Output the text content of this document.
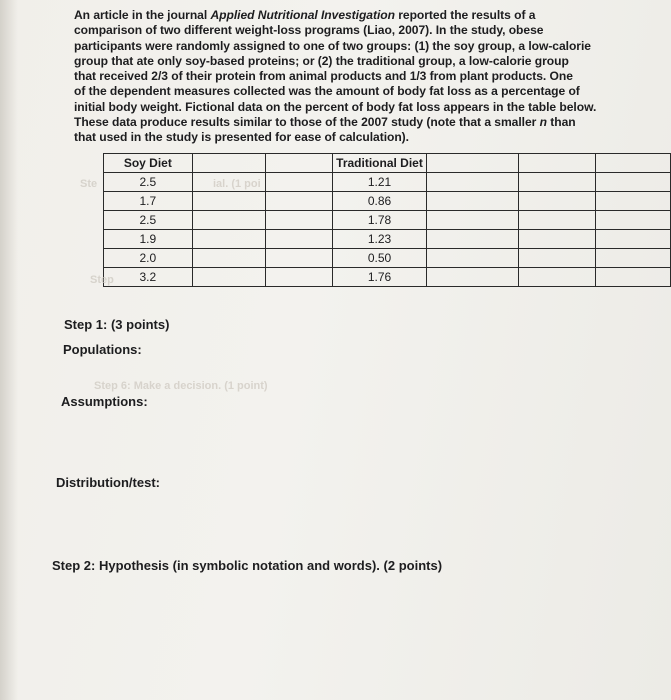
An article in the journal Applied Nutritional Investigation reported the results of a
comparison of two different weight-loss programs (Liao, 2007). In the study, obese
participants were randomly assigned to one of two groups: (1) the soy group, a low-calorie
group that ate only soy-based proteins; or (2) the traditional group, a low-calorie group
that received 2/3 of their protein from animal products and 1/3 from plant products. One
of the dependent measures collected was the amount of body fat loss as a percentage of
initial body weight. Fictional data on the percent of body fat loss appears in the table below.
These data produce results similar to those of the 2007 study (note that a smaller n than
that used in the study is presented for ease of calculation).
Soy Diet			Traditional Diet			
2.5			1.21			
1.7			0.86			
2.5			1.78			
1.9			1.23			
2.0			0.50			
3.2			1.76			
Ste	ial. (1 poi
Step
Step 6: Make a decision. (1 point)
Step 1: (3 points)
Populations:
Assumptions:
Distribution/test:
Step 2: Hypothesis (in symbolic notation and words). (2 points)
